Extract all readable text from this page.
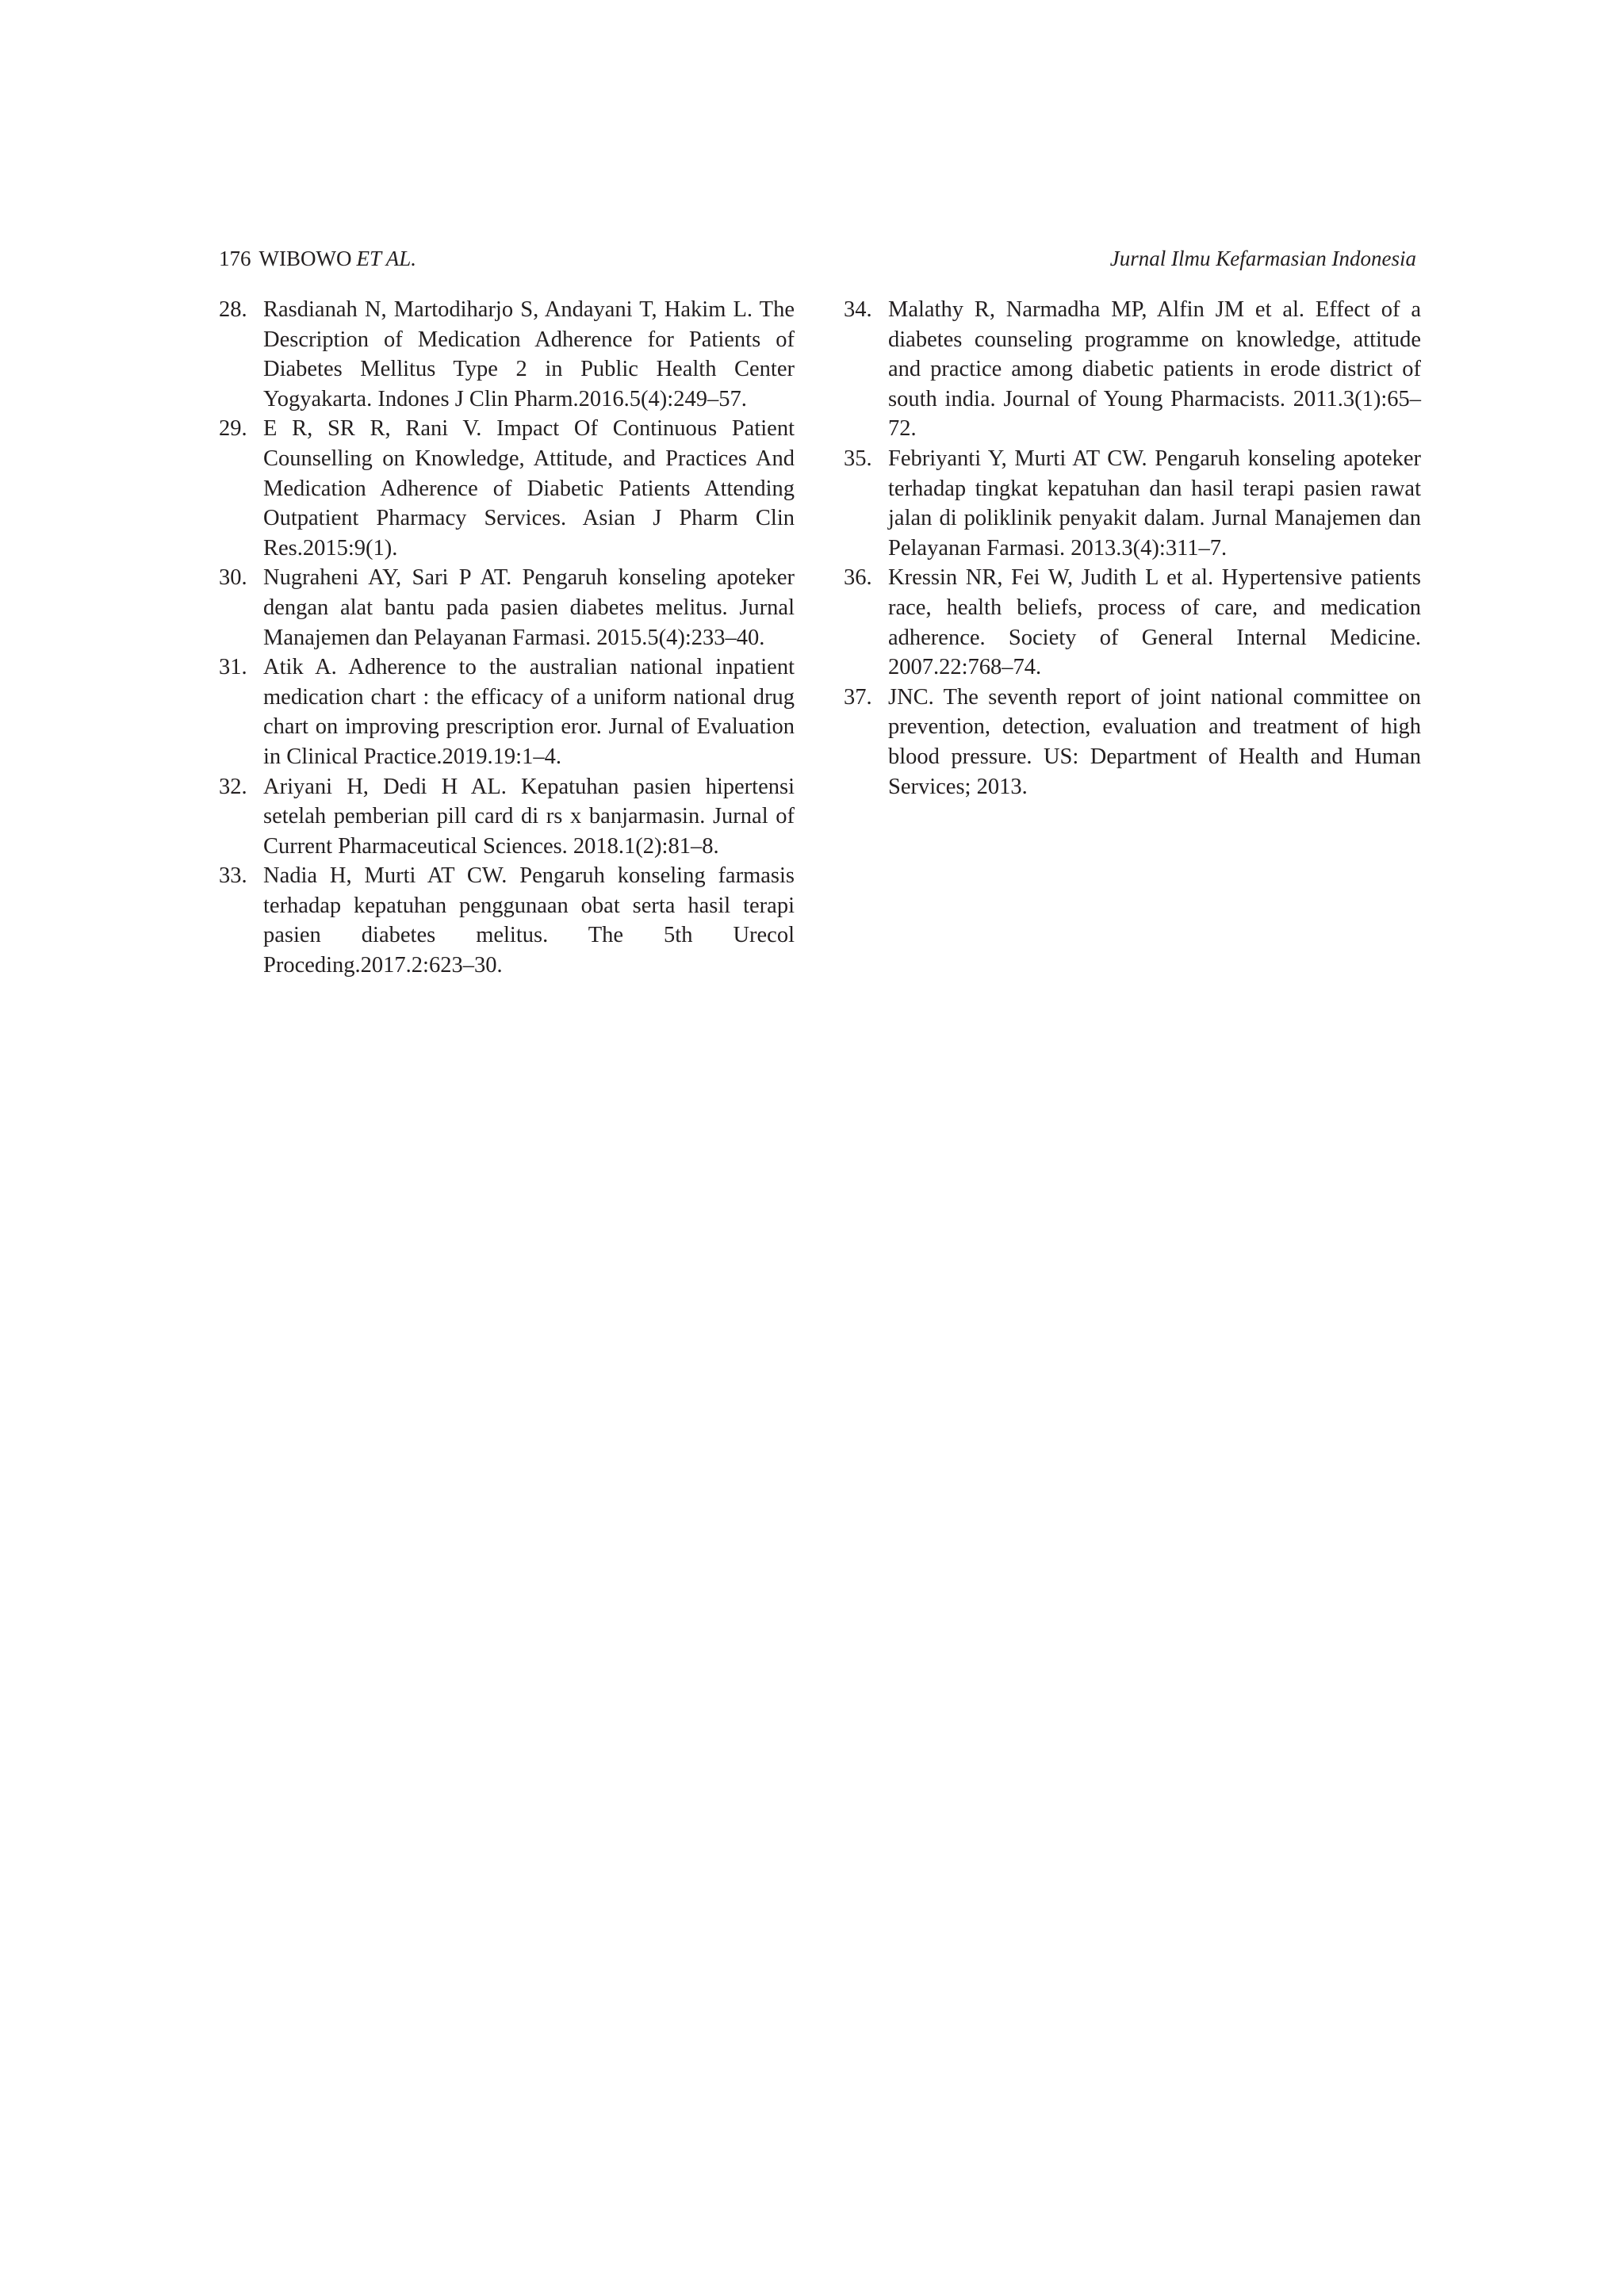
176 WIBOWO ET AL.	Jurnal Ilmu Kefarmasian Indonesia
28. Rasdianah N, Martodiharjo S, Andayani T, Hakim L. The Description of Medication Adherence for Patients of Diabetes Mellitus Type 2 in Public Health Center Yogyakarta. Indones J Clin Pharm.2016.5(4):249–57.
29. E R, SR R, Rani V. Impact Of Continuous Patient Counselling on Knowledge, Attitude, and Practices And Medication Adherence of Diabetic Patients Attending Outpatient Pharmacy Services. Asian J Pharm Clin Res.2015:9(1).
30. Nugraheni AY, Sari P AT. Pengaruh konseling apoteker dengan alat bantu pada pasien diabetes melitus. Jurnal Manajemen dan Pelayanan Farmasi. 2015.5(4):233–40.
31. Atik A. Adherence to the australian national inpatient medication chart : the efficacy of a uniform national drug chart on improving prescription eror. Jurnal of Evaluation in Clinical Practice.2019.19:1–4.
32. Ariyani H, Dedi H AL. Kepatuhan pasien hipertensi setelah pemberian pill card di rs x banjarmasin. Jurnal of Current Pharmaceutical Sciences. 2018.1(2):81–8.
33. Nadia H, Murti AT CW. Pengaruh konseling farmasis terhadap kepatuhan penggunaan obat serta hasil terapi pasien diabetes melitus. The 5th Urecol Proceding.2017.2:623–30.
34. Malathy R, Narmadha MP, Alfin JM et al. Effect of a diabetes counseling programme on knowledge, attitude and practice among diabetic patients in erode district of south india. Journal of Young Pharmacists. 2011.3(1):65–72.
35. Febriyanti Y, Murti AT CW. Pengaruh konseling apoteker terhadap tingkat kepatuhan dan hasil terapi pasien rawat jalan di poliklinik penyakit dalam. Jurnal Manajemen dan Pelayanan Farmasi. 2013.3(4):311–7.
36. Kressin NR, Fei W, Judith L et al. Hypertensive patients race, health beliefs, process of care, and medication adherence. Society of General Internal Medicine. 2007.22:768–74.
37. JNC. The seventh report of joint national committee on prevention, detection, evaluation and treatment of high blood pressure. US: Department of Health and Human Services; 2013.
